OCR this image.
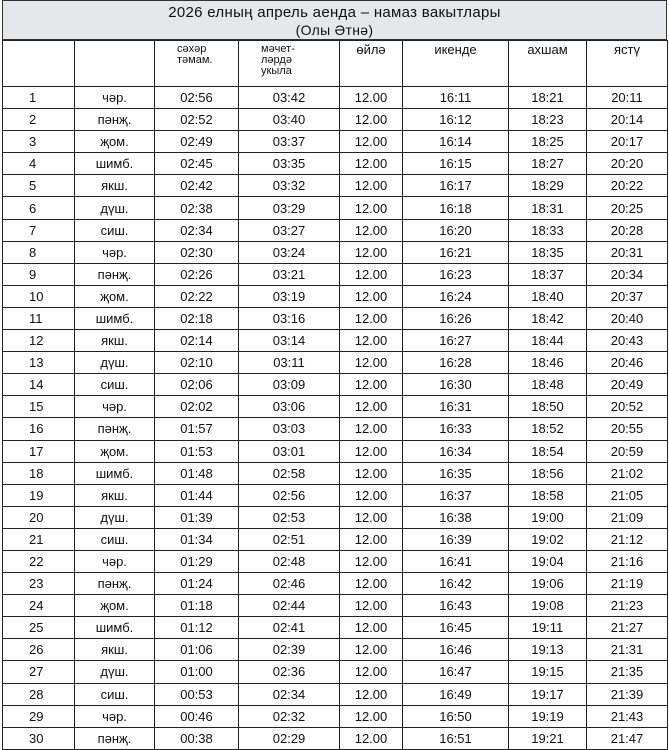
2026 елның апрель аенда – намаз вакытлары
(Олы Әтнә)
		сәхәр тәмам.	мәчет-ләрдә укыла	өйлә	икенде	ахшам	ястү
1	чәр.	02:56	03:42	12.00	16:11	18:21	20:11
2	пәнҗ.	02:52	03:40	12.00	16:12	18:23	20:14
3	җом.	02:49	03:37	12.00	16:14	18:25	20:17
4	шимб.	02:45	03:35	12.00	16:15	18:27	20:20
5	якш.	02:42	03:32	12.00	16:17	18:29	20:22
6	дүш.	02:38	03:29	12.00	16:18	18:31	20:25
7	сиш.	02:34	03:27	12.00	16:20	18:33	20:28
8	чәр.	02:30	03:24	12.00	16:21	18:35	20:31
9	пәнҗ.	02:26	03:21	12.00	16:23	18:37	20:34
10	җом.	02:22	03:19	12.00	16:24	18:40	20:37
11	шимб.	02:18	03:16	12.00	16:26	18:42	20:40
12	якш.	02:14	03:14	12.00	16:27	18:44	20:43
13	дүш.	02:10	03:11	12.00	16:28	18:46	20:46
14	сиш.	02:06	03:09	12.00	16:30	18:48	20:49
15	чәр.	02:02	03:06	12.00	16:31	18:50	20:52
16	пәнҗ.	01:57	03:03	12.00	16:33	18:52	20:55
17	җом.	01:53	03:01	12.00	16:34	18:54	20:59
18	шимб.	01:48	02:58	12.00	16:35	18:56	21:02
19	якш.	01:44	02:56	12.00	16:37	18:58	21:05
20	дүш.	01:39	02:53	12.00	16:38	19:00	21:09
21	сиш.	01:34	02:51	12.00	16:39	19:02	21:12
22	чәр.	01:29	02:48	12.00	16:41	19:04	21:16
23	пәнҗ.	01:24	02:46	12.00	16:42	19:06	21:19
24	җом.	01:18	02:44	12.00	16:43	19:08	21:23
25	шимб.	01:12	02:41	12.00	16:45	19:11	21:27
26	якш.	01:06	02:39	12.00	16:46	19:13	21:31
27	дүш.	01:00	02:36	12.00	16:47	19:15	21:35
28	сиш.	00:53	02:34	12.00	16:49	19:17	21:39
29	чәр.	00:46	02:32	12.00	16:50	19:19	21:43
30	пәнҗ.	00:38	02:29	12.00	16:51	19:21	21:47
